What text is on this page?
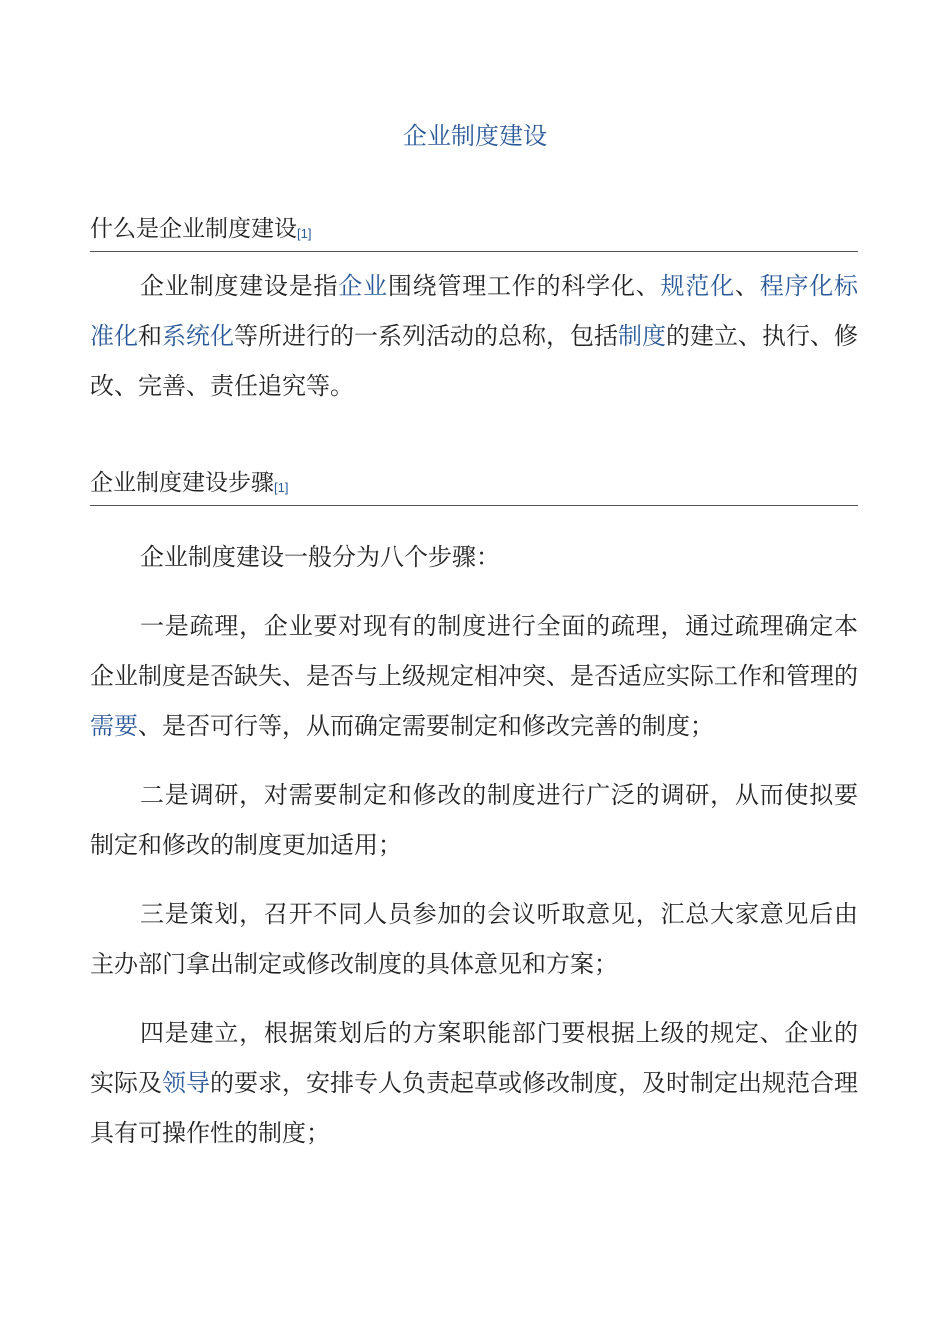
企业制度建设
什么是企业制度建设[1]
企业制度建设是指企业围绕管理工作的科学化、规范化、程序化标准化和系统化等所进行的一系列活动的总称，包括制度的建立、执行、修改、完善、责任追究等。
企业制度建设步骤[1]
企业制度建设一般分为八个步骤：
一是疏理，企业要对现有的制度进行全面的疏理，通过疏理确定本企业制度是否缺失、是否与上级规定相冲突、是否适应实际工作和管理的需要、是否可行等，从而确定需要制定和修改完善的制度；
二是调研，对需要制定和修改的制度进行广泛的调研，从而使拟要制定和修改的制度更加适用；
三是策划，召开不同人员参加的会议听取意见，汇总大家意见后由主办部门拿出制定或修改制度的具体意见和方案；
四是建立，根据策划后的方案职能部门要根据上级的规定、企业的实际及领导的要求，安排专人负责起草或修改制度，及时制定出规范合理具有可操作性的制度；
